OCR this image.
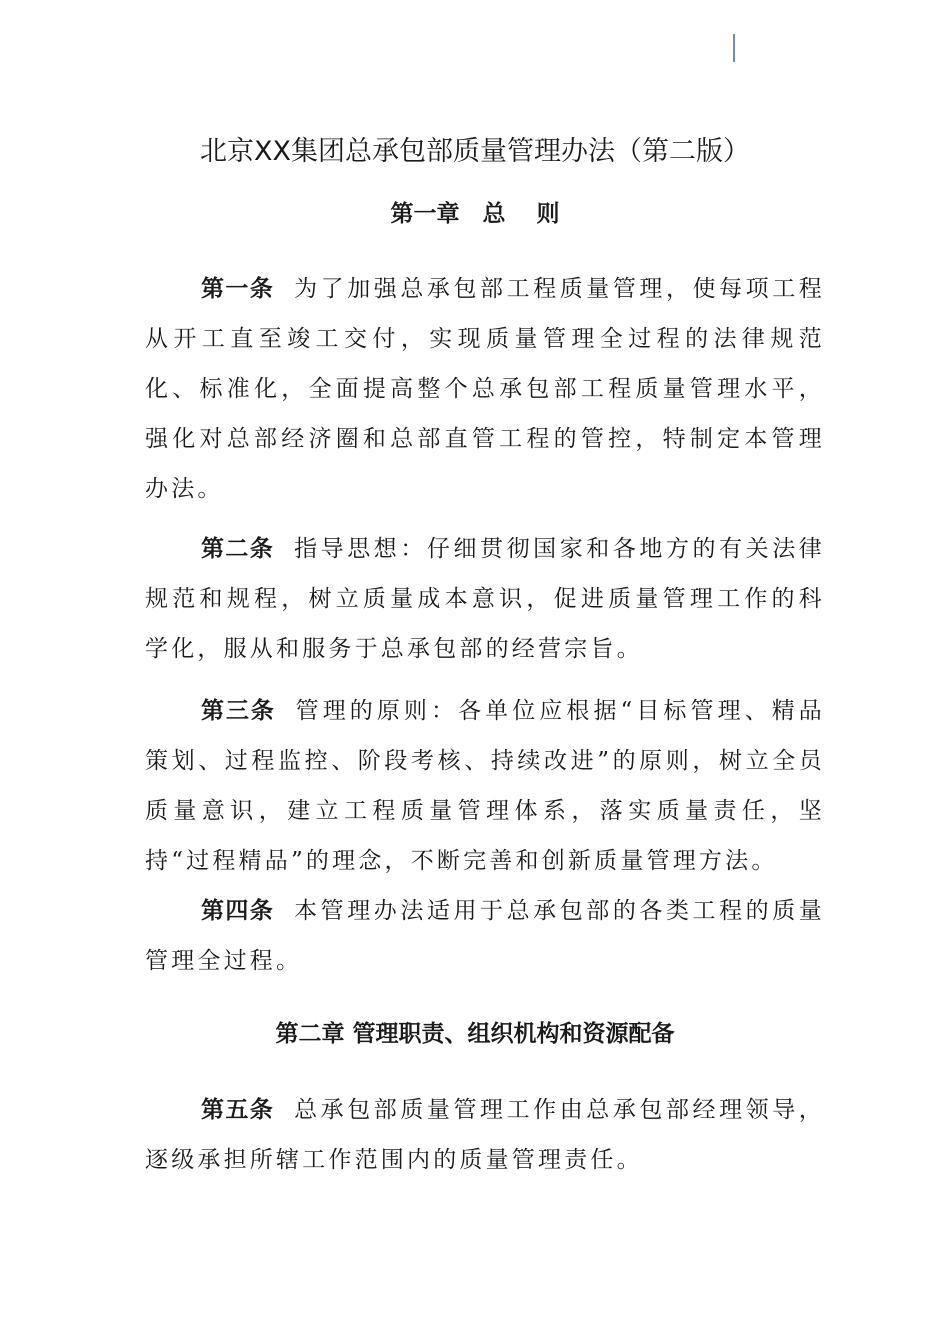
北京XX集团总承包部质量管理办法（第二版）
第一章　总　 则

第一条 为了加强总承包部工程质量管理，使每项工程从开工直至竣工交付，实现质量管理全过程的法律规范化、标准化，全面提高整个总承包部工程质量管理水平，强化对总部经济圈和总部直管工程的管控，特制定本管理办法。

第二条 指导思想：仔细贯彻国家和各地方的有关法律规范和规程，树立质量成本意识，促进质量管理工作的科学化，服从和服务于总承包部的经营宗旨。

第三条 管理的原则：各单位应根据“目标管理、精品策划、过程监控、阶段考核、持续改进”的原则，树立全员质量意识，建立工程质量管理体系，落实质量责任，坚持“过程精品”的理念，不断完善和创新质量管理方法。

第四条 本管理办法适用于总承包部的各类工程的质量管理全过程。

第二章 管理职责、组织机构和资源配备

第五条 总承包部质量管理工作由总承包部经理领导，逐级承担所辖工作范围内的质量管理责任。
